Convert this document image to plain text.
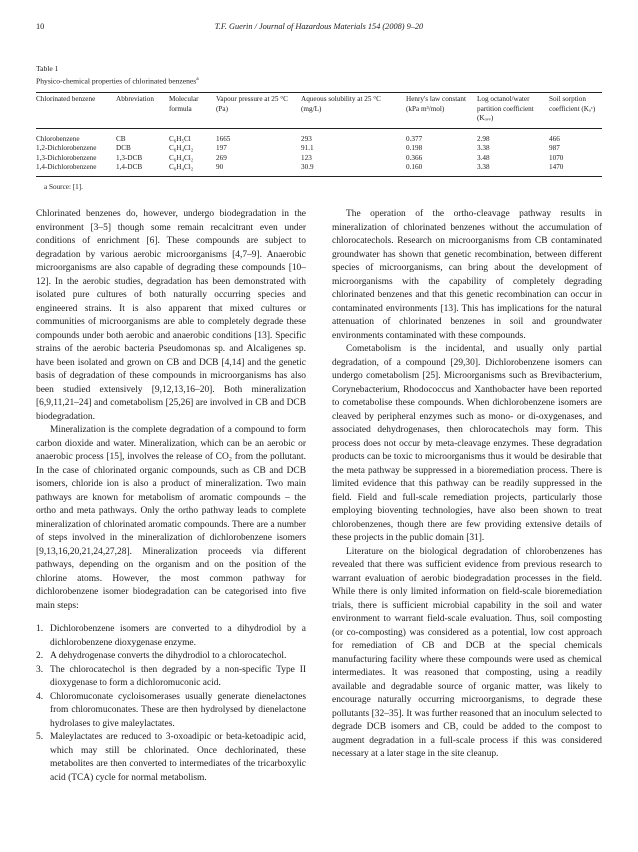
10	T.F. Guerin / Journal of Hazardous Materials 154 (2008) 9–20
Table 1
Physico-chemical properties of chlorinated benzenes$^a$
Chlorinated benzene	Abbreviation	Molecular formula	Vapour pressure at 25 °C (Pa)	Aqueous solubility at 25 °C (mg/L)	Henry's law constant (kPa m³/mol)	Log octanol/water partition coefficient (Kₒᵥᵥ)	Soil sorption coefficient (Kₒᶜ)
Chlorobenzene	CB	C₆H₅Cl	1665	293	0.377	2.98	466
1,2-Dichlorobenzene	DCB	C₆H₄Cl₂	197	91.1	0.198	3.38	987
1,3-Dichlorobenzene	1,3-DCB	C₆H₄Cl₂	269	123	0.366	3.48	1070
1,4-Dichlorobenzene	1,4-DCB	C₆H₄Cl₂	90	30.9	0.160	3.38	1470
a Source: [1].

Chlorinated benzenes do, however, undergo biodegradation in the environment [3–5] though some remain recalcitrant even under conditions of enrichment [6]. These compounds are subject to degradation by various aerobic microorganisms [4,7–9]. Anaerobic microorganisms are also capable of degrading these compounds [10–12]. In the aerobic studies, degradation has been demonstrated with isolated pure cultures of both naturally occurring species and engineered strains. It is also apparent that mixed cultures or communities of microorganisms are able to completely degrade these compounds under both aerobic and anaerobic conditions [13]. Specific strains of the aerobic bacteria Pseudomonas sp. and Alcaligenes sp. have been isolated and grown on CB and DCB [4,14] and the genetic basis of degradation of these compounds in microorganisms has also been studied extensively [9,12,13,16–20]. Both mineralization [6,9,11,21–24] and cometabolism [25,26] are involved in CB and DCB biodegradation.

Mineralization is the complete degradation of a compound to form carbon dioxide and water. Mineralization, which can be an aerobic or anaerobic process [15], involves the release of CO₂ from the pollutant. In the case of chlorinated organic compounds, such as CB and DCB isomers, chloride ion is also a product of mineralization. Two main pathways are known for metabolism of aromatic compounds – the ortho and meta pathways. Only the ortho pathway leads to complete mineralization of chlorinated aromatic compounds. There are a number of steps involved in the mineralization of dichlorobenzene isomers [9,13,16,20,21,24,27,28]. Mineralization proceeds via different pathways, depending on the organism and on the position of the chlorine atoms. However, the most common pathway for dichlorobenzene isomer biodegradation can be categorised into five main steps:

1. Dichlorobenzene isomers are converted to a dihydrodiol by a dichlorobenzene dioxygenase enzyme.
2. A dehydrogenase converts the dihydrodiol to a chlorocatechol.
3. The chlorocatechol is then degraded by a non-specific Type II dioxygenase to form a dichloromuconic acid.
4. Chloromuconate cycloisomerases usually generate dienelactones from chloromuconates. These are then hydrolysed by dienelactone hydrolases to give maleylactates.
5. Maleylactates are reduced to 3-oxoadipic or beta-ketoadipic acid, which may still be chlorinated. Once dechlorinated, these metabolites are then converted to intermediates of the tricarboxylic acid (TCA) cycle for normal metabolism.

The operation of the ortho-cleavage pathway results in mineralization of chlorinated benzenes without the accumulation of chlorocatechols. Research on microorganisms from CB contaminated groundwater has shown that genetic recombination, between different species of microorganisms, can bring about the development of microorganisms with the capability of completely degrading chlorinated benzenes and that this genetic recombination can occur in contaminated environments [13]. This has implications for the natural attenuation of chlorinated benzenes in soil and groundwater environments contaminated with these compounds.

Cometabolism is the incidental, and usually only partial degradation, of a compound [29,30]. Dichlorobenzene isomers can undergo cometabolism [25]. Microorganisms such as Brevibacterium, Corynebacterium, Rhodococcus and Xanthobacter have been reported to cometabolise these compounds. When dichlorobenzene isomers are cleaved by peripheral enzymes such as mono- or di-oxygenases, and associated dehydrogenases, then chlorocatechols may form. This process does not occur by meta-cleavage enzymes. These degradation products can be toxic to microorganisms thus it would be desirable that the meta pathway be suppressed in a bioremediation process. There is limited evidence that this pathway can be readily suppressed in the field. Field and full-scale remediation projects, particularly those employing bioventing technologies, have also been shown to treat chlorobenzenes, though there are few providing extensive details of these projects in the public domain [31].

Literature on the biological degradation of chlorobenzenes has revealed that there was sufficient evidence from previous research to warrant evaluation of aerobic biodegradation processes in the field. While there is only limited information on field-scale bioremediation trials, there is sufficient microbial capability in the soil and water environment to warrant field-scale evaluation. Thus, soil composting (or co-composting) was considered as a potential, low cost approach for remediation of CB and DCB at the special chemicals manufacturing facility where these compounds were used as chemical intermediates. It was reasoned that composting, using a readily available and degradable source of organic matter, was likely to encourage naturally occurring microorganisms, to degrade these pollutants [32–35]. It was further reasoned that an inoculum selected to degrade DCB isomers and CB, could be added to the compost to augment degradation in a full-scale process if this was considered necessary at a later stage in the site cleanup.
